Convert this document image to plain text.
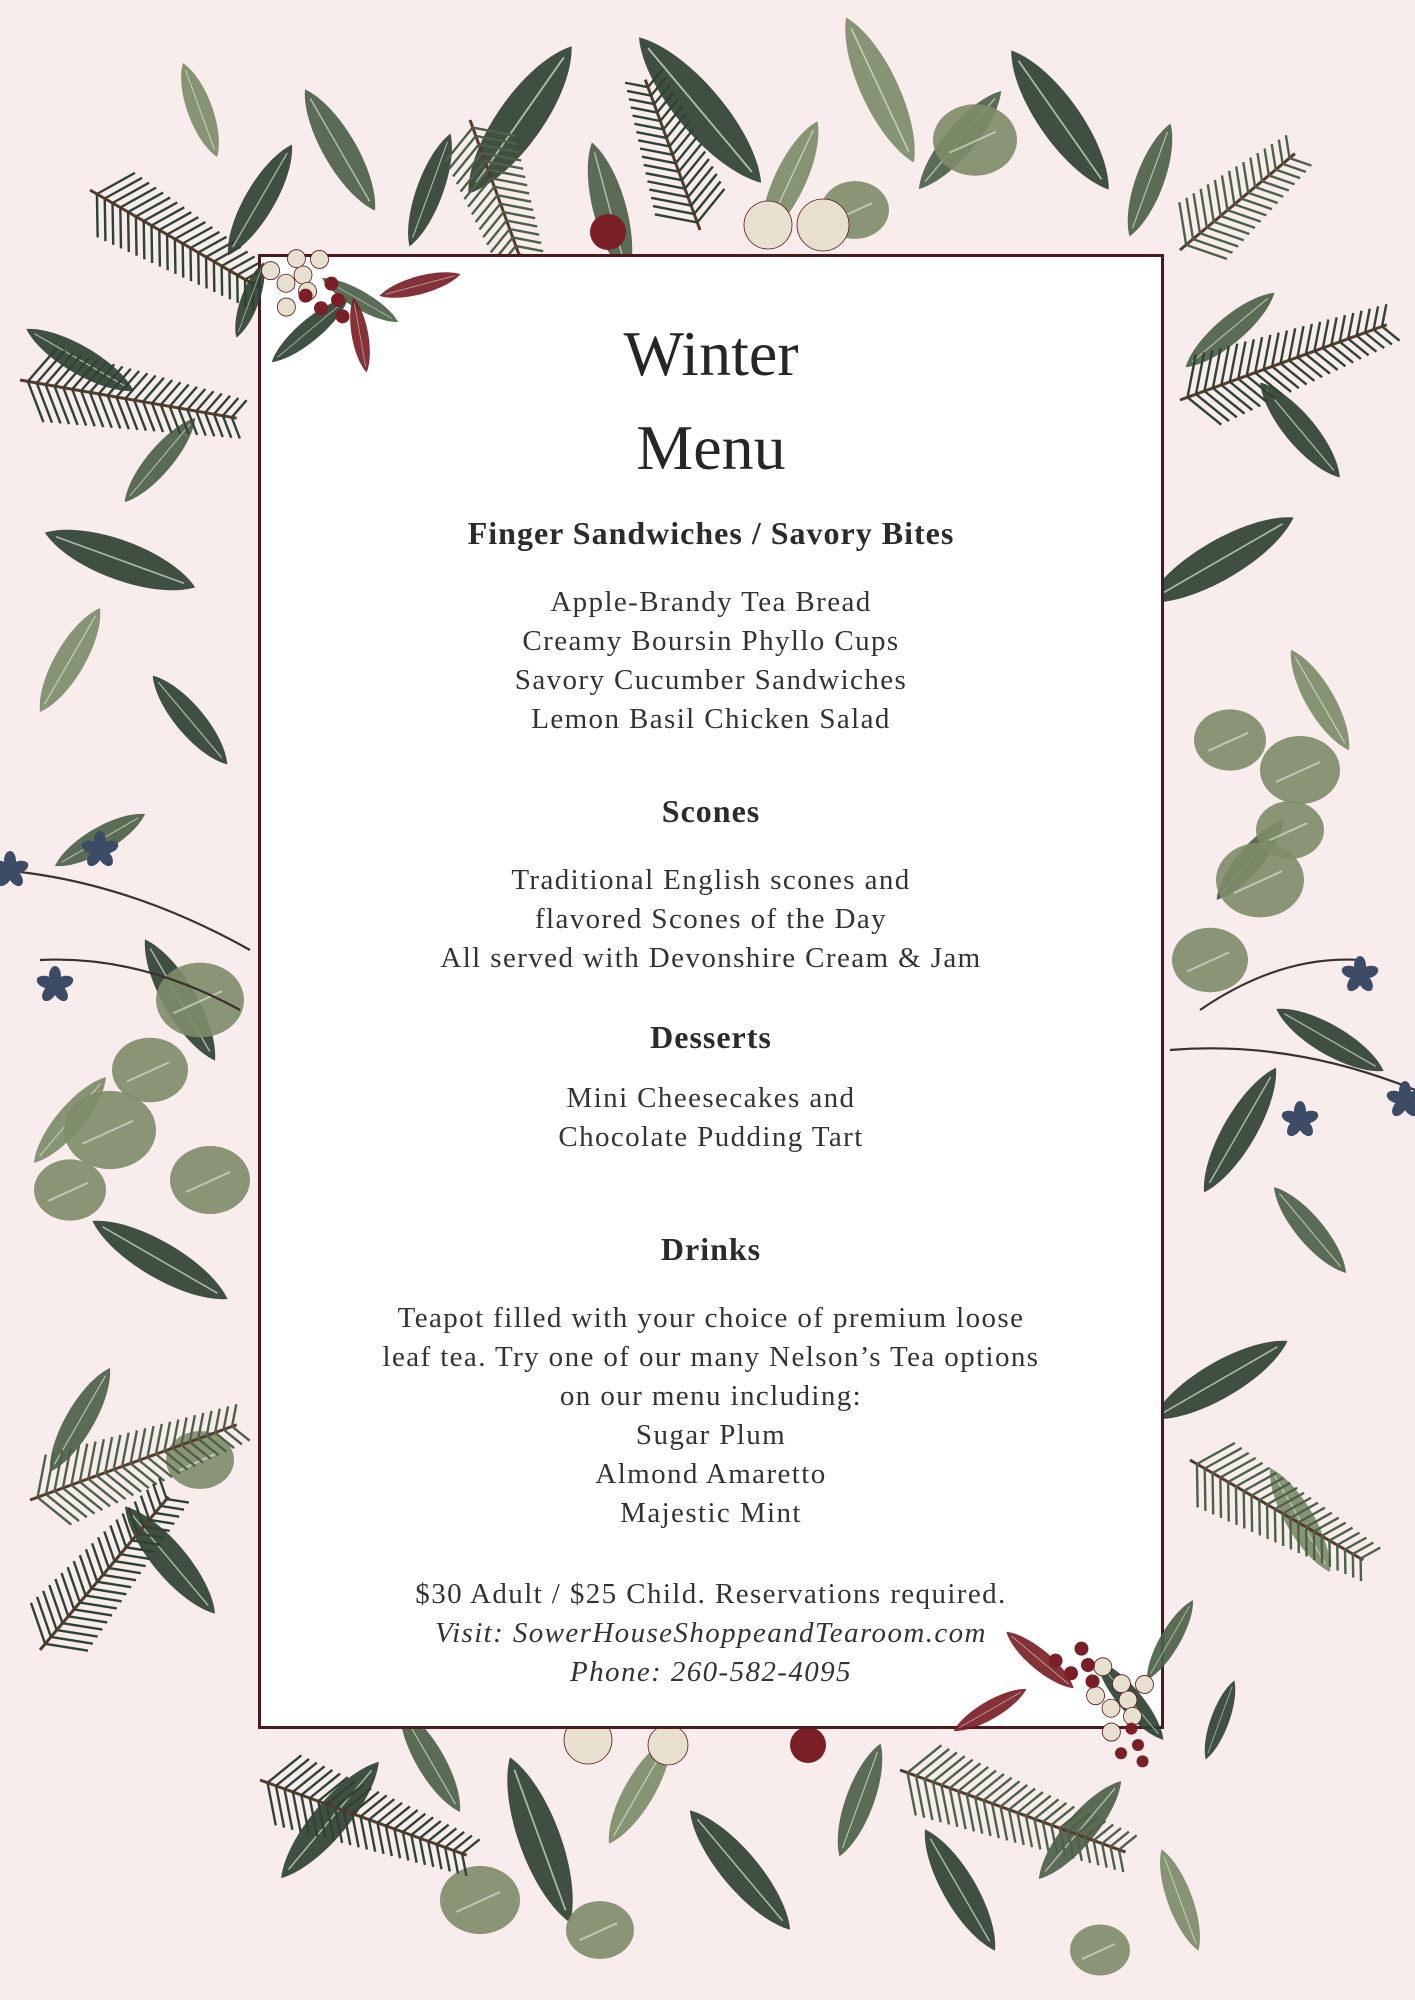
Winter
Menu
Finger Sandwiches / Savory Bites
Apple-Brandy Tea Bread
Creamy Boursin Phyllo Cups
Savory Cucumber Sandwiches
Lemon Basil Chicken Salad
Scones
Traditional English scones and
flavored Scones of the Day
All served with Devonshire Cream & Jam
Desserts
Mini Cheesecakes and
Chocolate Pudding Tart
Drinks
Teapot filled with your choice of premium loose
leaf tea. Try one of our many Nelson’s Tea options
on our menu including:
Sugar Plum
Almond Amaretto
Majestic Mint
$30 Adult / $25 Child. Reservations required.
Visit: SowerHouseShoppeandTearoom.com
Phone: 260-582-4095
